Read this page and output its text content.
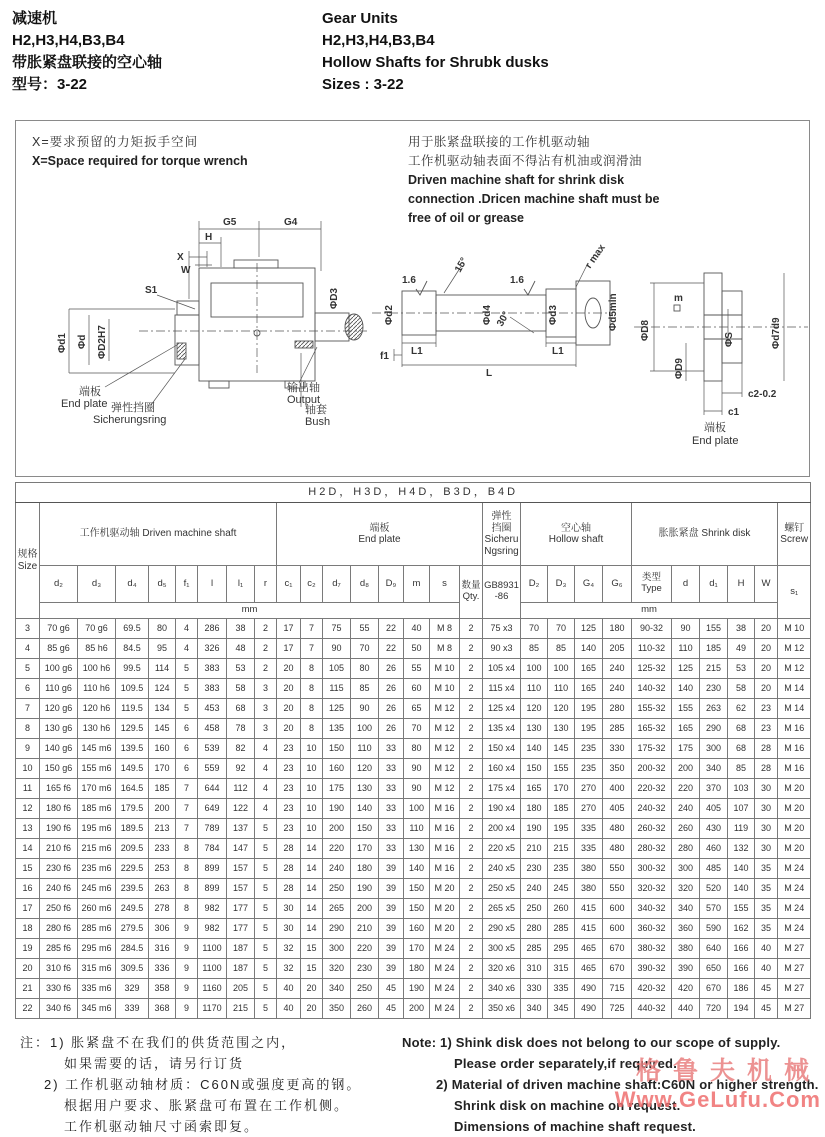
减速机
H2,H3,H4,B3,B4
带胀紧盘联接的空心轴
型号：3-22
Gear Units
H2,H3,H4,B3,B4
Hollow Shafts for Shrubk dusks
Sizes : 3-22
X=要求预留的力矩扳手空间
X=Space required for torque wrench
用于胀紧盘联接的工作机驱动轴
工作机驱动轴表面不得沾有机油或润滑油
Driven machine shaft for shrink disk
connection .Dricen machine shaft must be
free of oil or grease
G5	G4
H
X
W
S1	ΦD3
Φd1 Φd ΦD2H7
端板
End plate 弹性挡圈
Sicherungsring
输出轴
Output
轴套
Bush
1.6	1.6
15°	r max
30°
Φd2	Φd4	Φd3	Φd5min
L1	L1
f1
L
ΦD8
m
ΦD9
ΦS	Φd7d9
c2-0.2
c1
端板
End plate
H2D，H3D，H4D，B3D，B4D																											

规格
Size
	工作机驱动轴 Driven machine shaft	
端板
End plate

弹性
挡圈
Sicheru
Ngsring

空心轴
Hollow shaft
	胀胀紧盘 Shrink disk	
螺钉
Screw

d₂	d₃	d₄	d₅	f₁	l	l₁	r	c₁	c₂	d₇	d₈	D₉	m	s	数量
Qty.

GB8931
-86
	D₂	D₃	G₄	G₆	类型
Type	d	d₁	H	W	s₁
	mm																	mm									
3	70 g6	70 g6	69.5	80	4	286	38	2	17	7	75	55	22	40	M 8	2	75 x3	70	70	125	180	90-32	90	155	38	20	M 10
4	85 g6	85 h6	84.5	95	4	326	48	2	17	7	90	70	22	50	M 8	2	90 x3	85	85	140	205	110-32	110	185	49	20	M 12
5	100 g6	100 h6	99.5	114	5	383	53	2	20	8	105	80	26	55	M 10	2	105 x4	100	100	165	240	125-32	125	215	53	20	M 12
6	110 g6	110 h6	109.5	124	5	383	58	3	20	8	115	85	26	60	M 10	2	115 x4	110	110	165	240	140-32	140	230	58	20	M 14
7	120 g6	120 h6	119.5	134	5	453	68	3	20	8	125	90	26	65	M 12	2	125 x4	120	120	195	280	155-32	155	263	62	23	M 14
8	130 g6	130 h6	129.5	145	6	458	78	3	20	8	135	100	26	70	M 12	2	135 x4	130	130	195	285	165-32	165	290	68	23	M 16
9	140 g6	145 m6	139.5	160	6	539	82	4	23	10	150	110	33	80	M 12	2	150 x4	140	145	235	330	175-32	175	300	68	28	M 16
10	150 g6	155 m6	149.5	170	6	559	92	4	23	10	160	120	33	90	M 12	2	160 x4	150	155	235	350	200-32	200	340	85	28	M 16
11	165 f6	170 m6	164.5	185	7	644	112	4	23	10	175	130	33	90	M 12	2	175 x4	165	170	270	400	220-32	220	370	103	30	M 20
12	180 f6	185 m6	179.5	200	7	649	122	4	23	10	190	140	33	100	M 16	2	190 x4	180	185	270	405	240-32	240	405	107	30	M 20
13	190 f6	195 m6	189.5	213	7	789	137	5	23	10	200	150	33	110	M 16	2	200 x4	190	195	335	480	260-32	260	430	119	30	M 20
14	210 f6	215 m6	209.5	233	8	784	147	5	28	14	220	170	33	130	M 16	2	220 x5	210	215	335	480	280-32	280	460	132	30	M 20
15	230 f6	235 m6	229.5	253	8	899	157	5	28	14	240	180	39	140	M 16	2	240 x5	230	235	380	550	300-32	300	485	140	35	M 24
16	240 f6	245 m6	239.5	263	8	899	157	5	28	14	250	190	39	150	M 20	2	250 x5	240	245	380	550	320-32	320	520	140	35	M 24
17	250 f6	260 m6	249.5	278	8	982	177	5	30	14	265	200	39	150	M 20	2	265 x5	250	260	415	600	340-32	340	570	155	35	M 24
18	280 f6	285 m6	279.5	306	9	982	177	5	30	14	290	210	39	160	M 20	2	290 x5	280	285	415	600	360-32	360	590	162	35	M 24
19	285 f6	295 m6	284.5	316	9	1100	187	5	32	15	300	220	39	170	M 24	2	300 x5	285	295	465	670	380-32	380	640	166	40	M 27
20	310 f6	315 m6	309.5	336	9	1100	187	5	32	15	320	230	39	180	M 24	2	320 x6	310	315	465	670	390-32	390	650	166	40	M 27
21	330 f6	335 m6	329	358	9	1160	205	5	40	20	340	250	45	190	M 24	2	340 x6	330	335	490	715	420-32	420	670	186	45	M 27
22	340 f6	345 m6	339	368	9	1170	215	5	40	20	350	260	45	200	M 24	2	350 x6	340	345	490	725	440-32	440	720	194	45	M 27
注：1) 胀紧盘不在我们的供货范围之内，
如果需要的话，请另行订货
2) 工作机驱动轴材质：C60N或强度更高的钢。
根据用户要求、胀紧盘可布置在工作机侧。
工作机驱动轴尺寸函索即复。
Note: 1) Shink disk does not belong to our scope of supply.
Please order separately,if required.
2) Material of driven machine shaft:C60N or higher strength.
Shrink disk on machine on request.
Dimensions of machine shaft request.
格鲁夫机械
Www.GeLufu.Com
